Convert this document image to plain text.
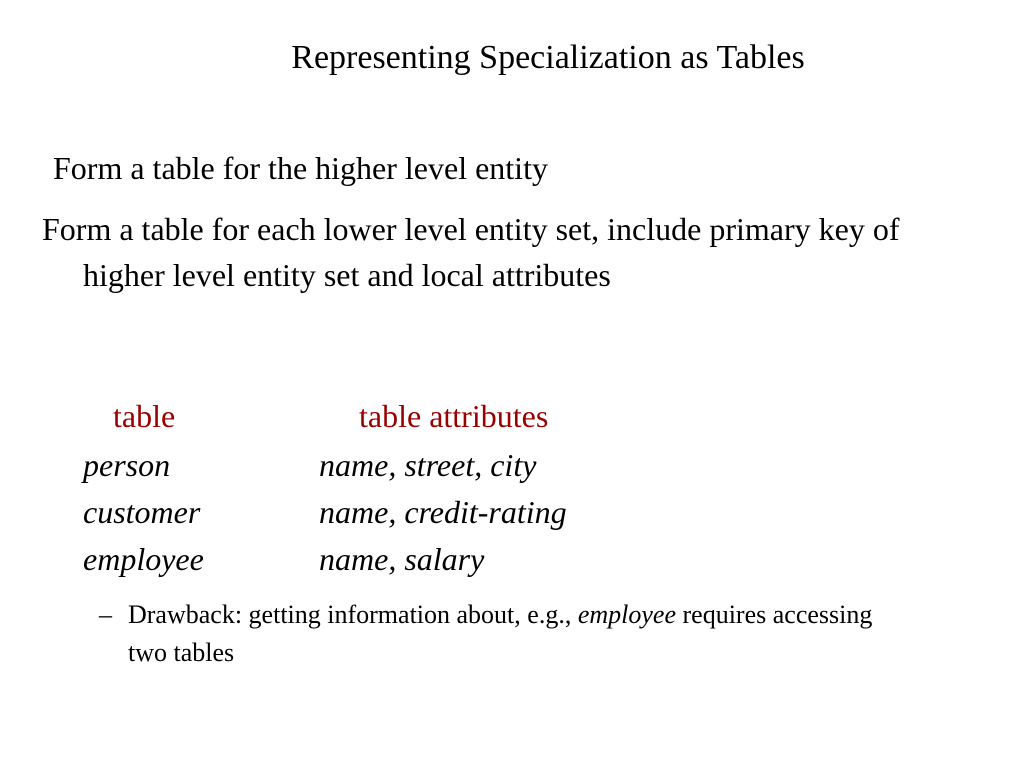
Representing Specialization as Tables
Form a table for the higher level entity
Form a table for each lower level entity set, include primary key of higher level entity set and local attributes
table	table attributes
person	name, street, city
customer	name, credit-rating
employee	name, salary
– Drawback: getting information about, e.g., employee requires accessing two tables
